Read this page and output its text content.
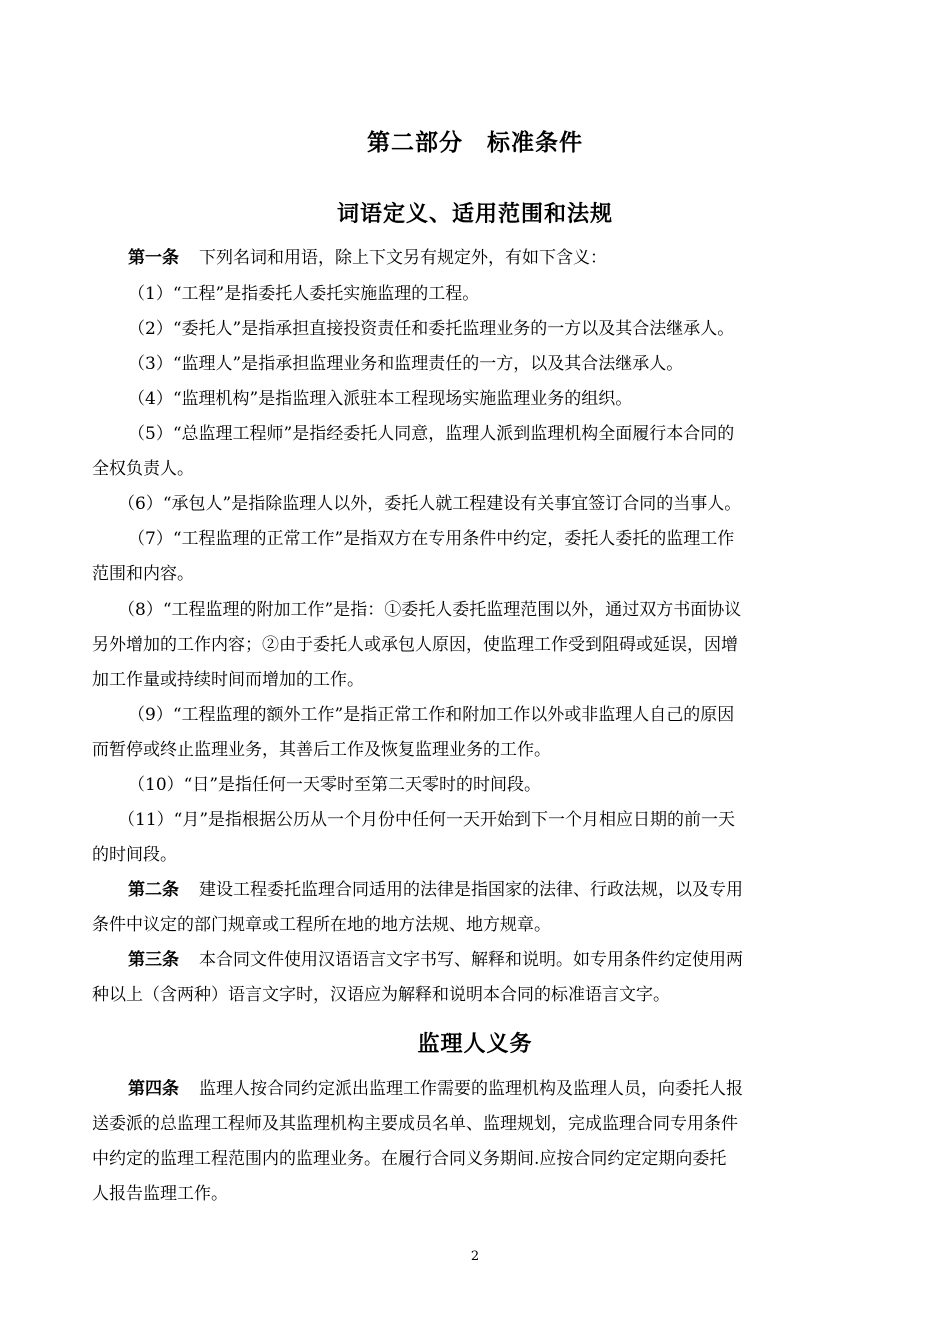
第二部分　标准条件
词语定义、适用范围和法规
第一条 下列名词和用语，除上下文另有规定外，有如下含义：
（1）“工程”是指委托人委托实施监理的工程。
（2）“委托人”是指承担直接投资责任和委托监理业务的一方以及其合法继承人。
（3）“监理人”是指承担监理业务和监理责任的一方，以及其合法继承人。
（4）“监理机构”是指监理入派驻本工程现场实施监理业务的组织。
（5）“总监理工程师”是指经委托人同意，监理人派到监理机构全面履行本合同的
全权负责人。
（6）“承包人”是指除监理人以外，委托人就工程建设有关事宜签订合同的当事人。
（7）“工程监理的正常工作”是指双方在专用条件中约定，委托人委托的监理工作
范围和内容。
（8）“工程监理的附加工作”是指：①委托人委托监理范围以外，通过双方书面协议
另外增加的工作内容；②由于委托人或承包人原因，使监理工作受到阻碍或延误，因增
加工作量或持续时间而增加的工作。
（9）“工程监理的额外工作”是指正常工作和附加工作以外或非监理人自己的原因
而暂停或终止监理业务，其善后工作及恢复监理业务的工作。
（10）“日”是指任何一天零时至第二天零时的时间段。
（11）“月”是指根据公历从一个月份中任何一天开始到下一个月相应日期的前一天
的时间段。
第二条 建设工程委托监理合同适用的法律是指国家的法律、行政法规，以及专用
条件中议定的部门规章或工程所在地的地方法规、地方规章。
第三条 本合同文件使用汉语语言文字书写、解释和说明。如专用条件约定使用两
种以上（含两种）语言文字时，汉语应为解释和说明本合同的标准语言文字。
监理人义务
第四条 监理人按合同约定派出监理工作需要的监理机构及监理人员，向委托人报
送委派的总监理工程师及其监理机构主要成员名单、监理规划，完成监理合同专用条件
中约定的监理工程范围内的监理业务。在履行合同义务期间.应按合同约定定期向委托
人报告监理工作。
2
